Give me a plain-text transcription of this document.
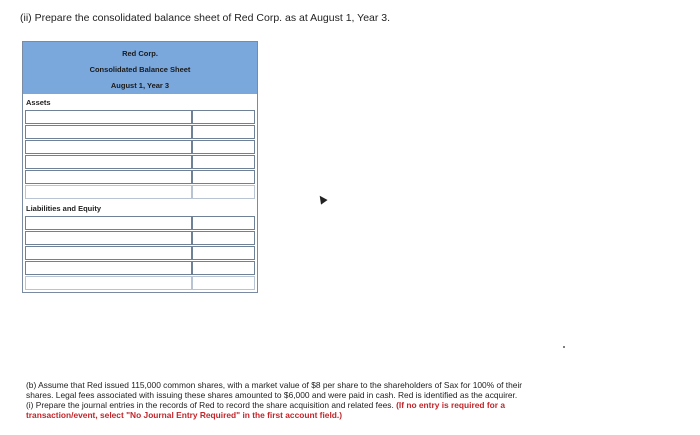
(ii) Prepare the consolidated balance sheet of Red Corp. as at August 1, Year 3.
Red Corp.
Consolidated Balance Sheet
August 1, Year 3
Assets
Liabilities and Equity
(b) Assume that Red issued 115,000 common shares, with a market value of $8 per share to the shareholders of Sax for 100% of their
shares. Legal fees associated with issuing these shares amounted to $6,000 and were paid in cash. Red is identified as the acquirer.
(i) Prepare the journal entries in the records of Red to record the share acquisition and related fees. (If no entry is required for a
transaction/event, select "No Journal Entry Required" in the first account field.)
